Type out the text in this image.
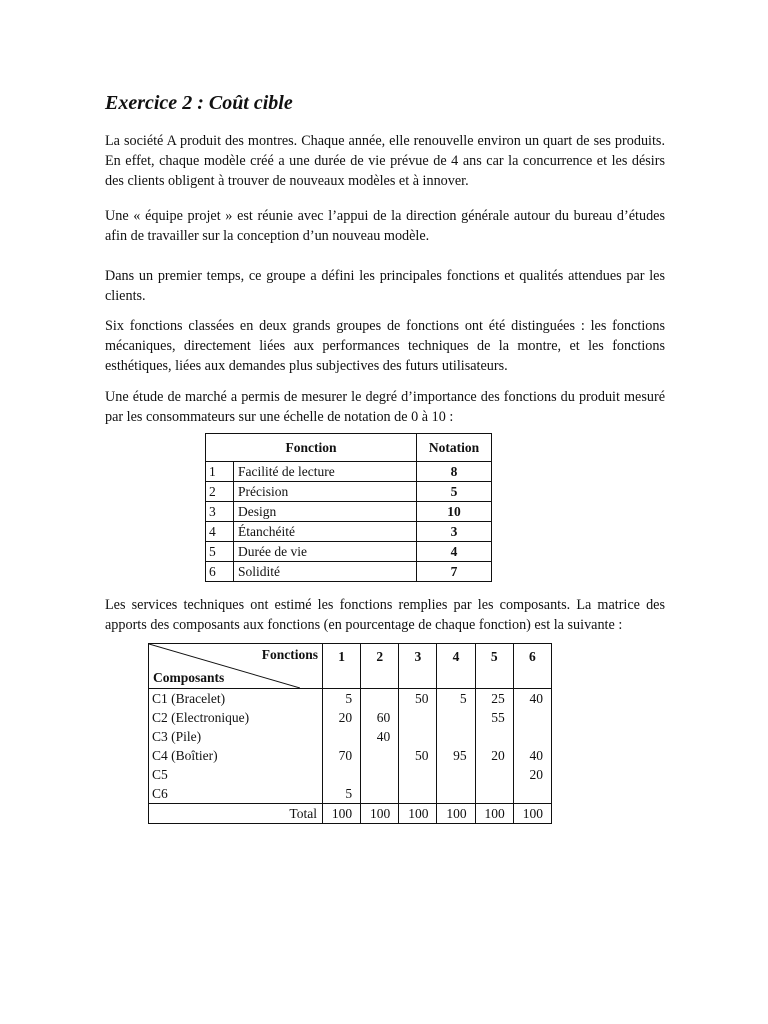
Exercice 2 : Coût cible

La société A produit des montres. Chaque année, elle renouvelle environ un quart de ses produits. En effet, chaque modèle créé a une durée de vie prévue de 4 ans car la concurrence et les désirs des clients obligent à trouver de nouveaux modèles et à innover.

Une « équipe projet » est réunie avec l’appui de la direction générale autour du bureau d’études afin de travailler sur la conception d’un nouveau modèle.

Dans un premier temps, ce groupe a défini les principales fonctions et qualités attendues par les clients.

Six fonctions classées en deux grands groupes de fonctions ont été distinguées : les fonctions mécaniques, directement liées aux performances techniques de la montre, et les fonctions esthétiques, liées aux demandes plus subjectives des futurs utilisateurs.

Une étude de marché a permis de mesurer le degré d’importance des fonctions du produit mesuré par les consommateurs sur une échelle de notation de 0 à 10 :

Fonction		Notation
1	Facilité de lecture	8
2	Précision	5
3	Design	10
4	Étanchéité	3
5	Durée de vie	4
6	Solidité	7

Les services techniques ont estimé les fonctions remplies par les composants. La matrice des apports des composants aux fonctions (en pourcentage de chaque fonction) est la suivante :

Fonctions
Composants	1	2	3	4	5	6
C1 (Bracelet)	5		50	5	25	40
C2 (Electronique)	20	60			55	
C3 (Pile)		40				
C4 (Boîtier)	70		50	95	20	40
C5						20
C6	5					
Total	100	100	100	100	100	100
